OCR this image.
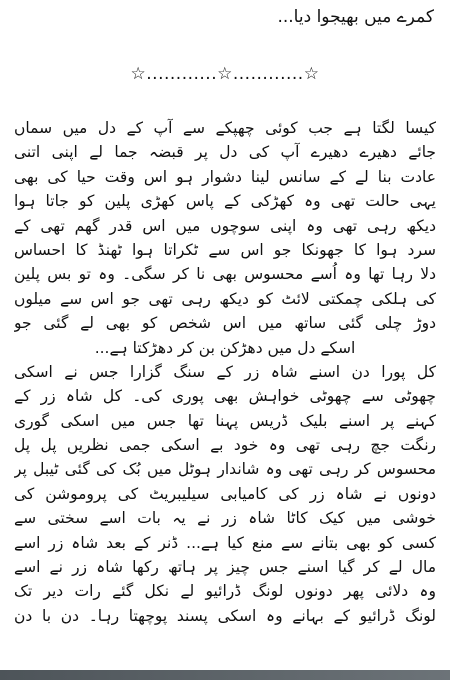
کمرے میں بھیجوا دیا...
☆............☆............☆
کیسا لگتا ہے جب کوئی چھپکے سے آپ کے دل میں سماں
جائے دھیرے دھیرے آپ کی دل پر قبضہ جما لے اپنی اتنی
عادت بنا لے کے سانس لینا دشوار ہو اس وقت حیا کی بھی
یہی حالت تھی وہ کھڑکی کے پاس کھڑی پلین کو جاتا ہوا
دیکھ رہی تھی وہ اپنی سوچوں میں اس قدر گھم تھی کے
سرد ہوا کا جھونکا جو اس سے ٹکراتا ہوا ٹھنڈ کا احساس
دلا رہا تھا وہ اُسے محسوس بھی نا کر سگی۔ وہ تو بس پلین
کی ہلکی چمکتی لائٹ کو دیکھ رہی تھی جو اس سے میلوں
دوڑ چلی گئی ساتھ میں اس شخص کو بھی لے گئی جو
اسکے دل میں دھڑکن بن کر دھڑکتا ہے...
کل پورا دن اسنے شاہ زر کے سنگ گزارا جس نے اسکی
چھوٹی سے چھوٹی خواہش بھی پوری کی۔ کل شاہ زر کے
کہنے پر اسنے بلیک ڈریس پہنا تھا جس میں اسکی گوری
رنگت جچ رہی تھی وہ خود بے اسکی جمی نظریں پل پل
محسوس کر رہی تھی وہ شاندار ہوٹل میں بُک کی گئی ٹیبل پر
دونوں نے شاہ زر کی کامیابی سیلیبریٹ کی پروموشن کی
خوشی میں کیک کاٹا شاہ زر نے یہ بات اسے سختی سے
کسی کو بھی بتانے سے منع کیا ہے... ڈنر کے بعد شاہ زر اسے
مال لے کر گیا اسنے جس چیز پر ہاتھ رکھا شاہ زر نے اسے
وہ دلائی پھر دونوں لونگ ڈرائیو لے نکل گئے رات دیر تک
لونگ ڈرائیو کے بہانے وہ اسکی پسند پوچھتا رہا۔ دن با دن
